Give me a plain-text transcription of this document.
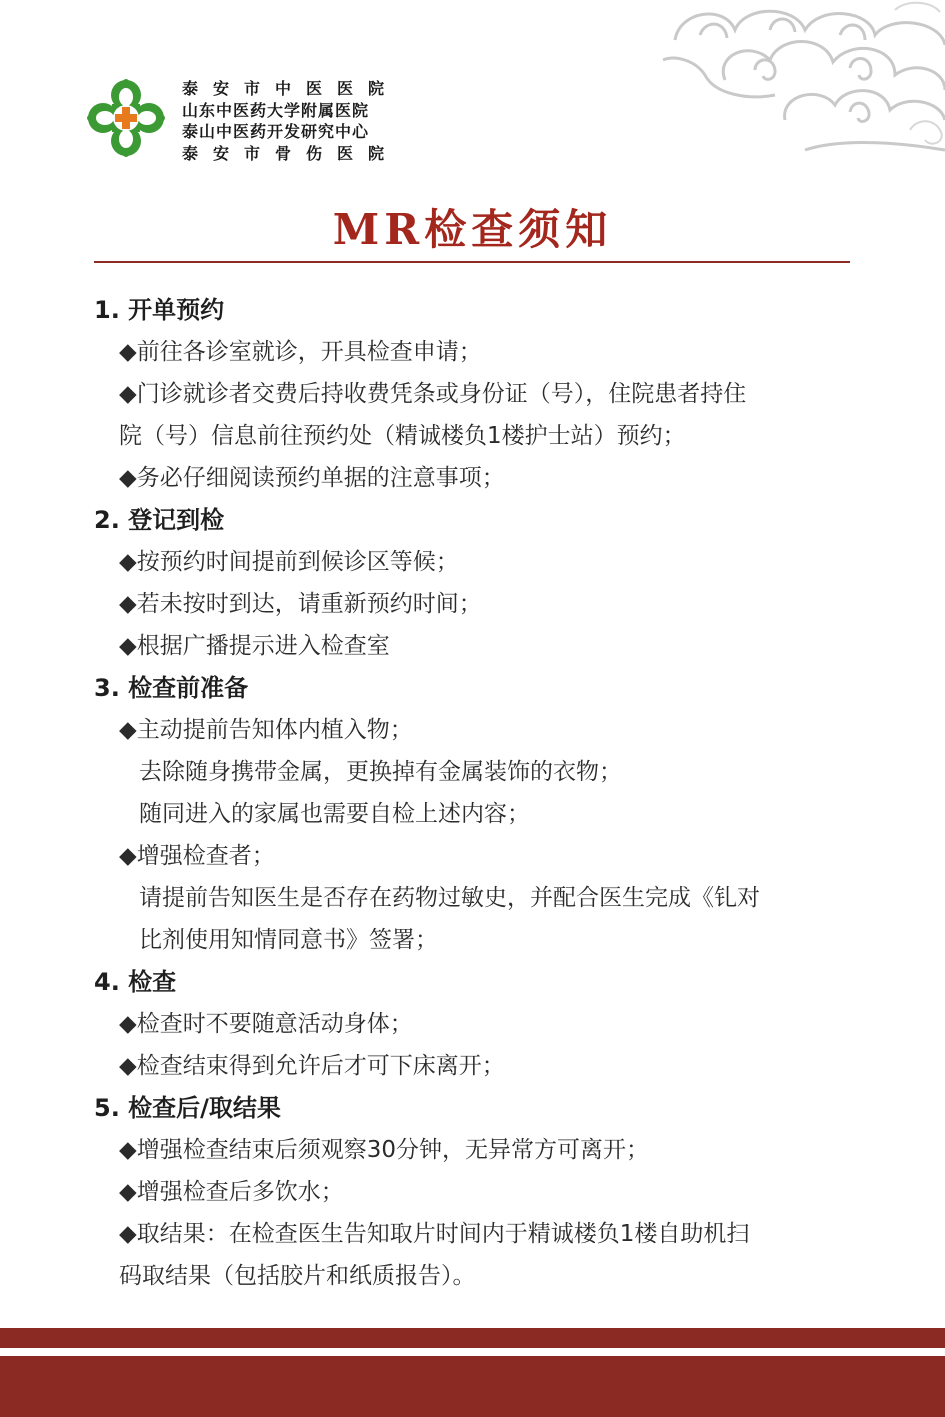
泰安市中医医院
山东中医药大学附属医院
泰山中医药开发研究中心
泰安市骨伤医院
MR检查须知
1. 开单预约
◆前往各诊室就诊，开具检查申请；
◆门诊就诊者交费后持收费凭条或身份证（号），住院患者持住
院（号）信息前往预约处（精诚楼负1楼护士站）预约；
◆务必仔细阅读预约单据的注意事项；
2. 登记到检
◆按预约时间提前到候诊区等候；
◆若未按时到达，请重新预约时间；
◆根据广播提示进入检查室
3. 检查前准备
◆主动提前告知体内植入物；
去除随身携带金属，更换掉有金属装饰的衣物；
随同进入的家属也需要自检上述内容；
◆增强检查者；
请提前告知医生是否存在药物过敏史，并配合医生完成《钆对
比剂使用知情同意书》签署；
4. 检查
◆检查时不要随意活动身体；
◆检查结束得到允许后才可下床离开；
5. 检查后/取结果
◆增强检查结束后须观察30分钟，无异常方可离开；
◆增强检查后多饮水；
◆取结果：在检查医生告知取片时间内于精诚楼负1楼自助机扫
码取结果（包括胶片和纸质报告）。
